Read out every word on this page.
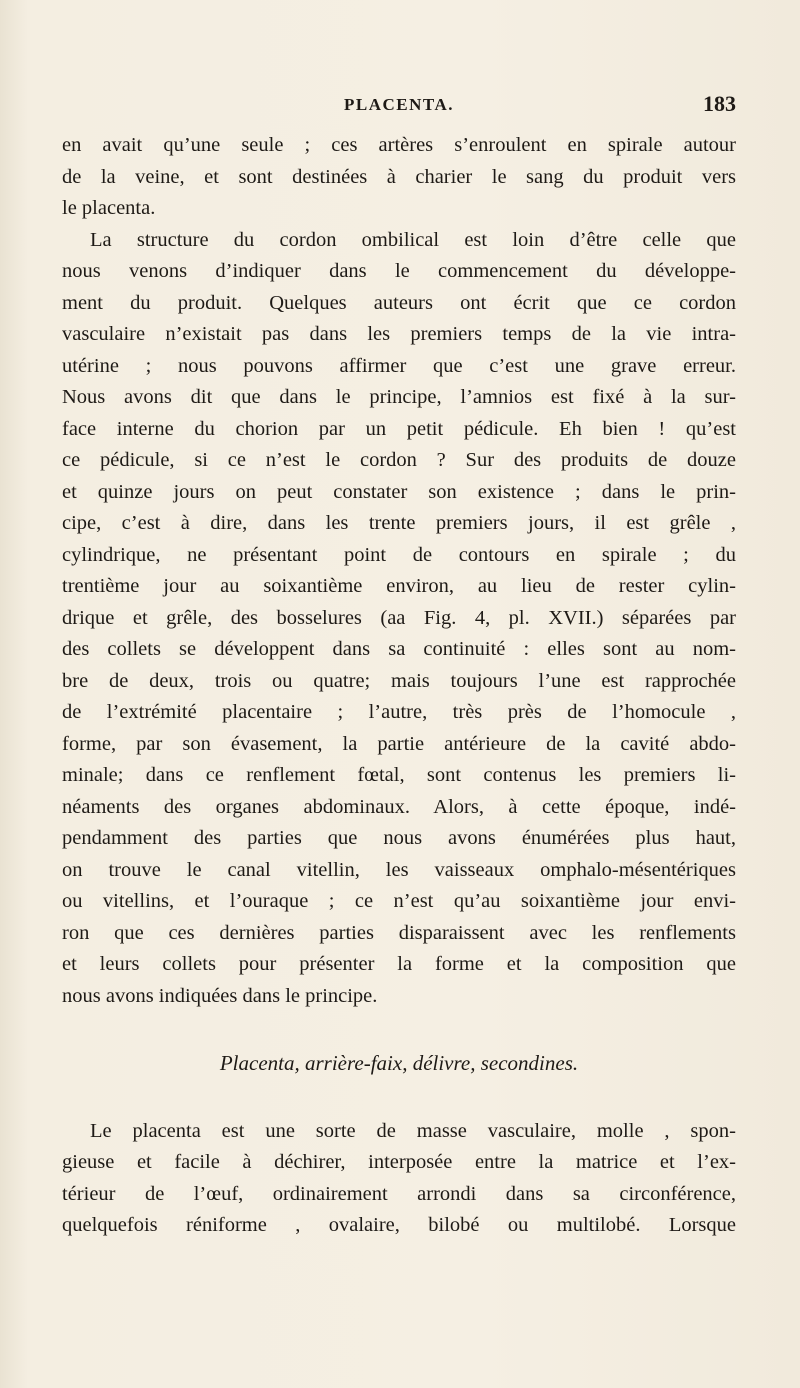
PLACENTA.	183

en avait qu’une seule ; ces artères s’enroulent en spirale autour
de la veine, et sont destinées à charier le sang du produit vers
le placenta.

La structure du cordon ombilical est loin d’être celle que
nous venons d’indiquer dans le commencement du développe-
ment du produit. Quelques auteurs ont écrit que ce cordon
vasculaire n’existait pas dans les premiers temps de la vie intra-
utérine ; nous pouvons affirmer que c’est une grave erreur.
Nous avons dit que dans le principe, l’amnios est fixé à la sur-
face interne du chorion par un petit pédicule. Eh bien ! qu’est
ce pédicule, si ce n’est le cordon ? Sur des produits de douze
et quinze jours on peut constater son existence ; dans le prin-
cipe, c’est à dire, dans les trente premiers jours, il est grêle ,
cylindrique, ne présentant point de contours en spirale ; du
trentième jour au soixantième environ, au lieu de rester cylin-
drique et grêle, des bosselures (aa Fig. 4, pl. XVII.) séparées par
des collets se développent dans sa continuité : elles sont au nom-
bre de deux, trois ou quatre; mais toujours l’une est rapprochée
de l’extrémité placentaire ; l’autre, très près de l’homocule ,
forme, par son évasement, la partie antérieure de la cavité abdo-
minale; dans ce renflement fœtal, sont contenus les premiers li-
néaments des organes abdominaux. Alors, à cette époque, indé-
pendamment des parties que nous avons énumérées plus haut,
on trouve le canal vitellin, les vaisseaux omphalo-mésentériques
ou vitellins, et l’ouraque ; ce n’est qu’au soixantième jour envi-
ron que ces dernières parties disparaissent avec les renflements
et leurs collets pour présenter la forme et la composition que
nous avons indiquées dans le principe.

Placenta, arrière-faix, délivre, secondines.

Le placenta est une sorte de masse vasculaire, molle , spon-
gieuse et facile à déchirer, interposée entre la matrice et l’ex-
térieur de l’œuf, ordinairement arrondi dans sa circonférence,
quelquefois réniforme , ovalaire, bilobé ou multilobé. Lorsque
